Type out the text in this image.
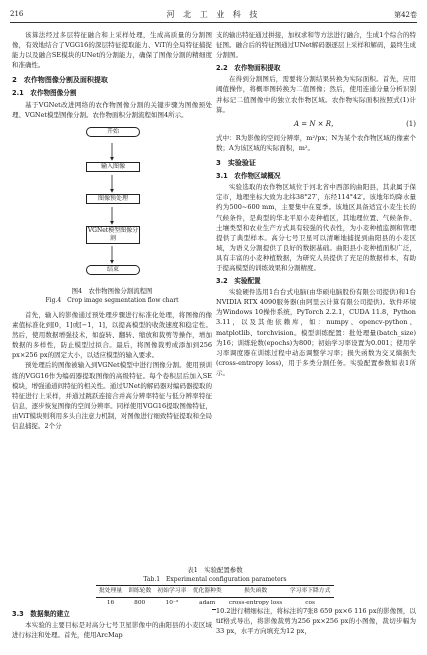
216	河 北 工 业 科 技	第42卷

该算法经过多层特征融合和上采样处理，生成高质量的分割图像，有效地结合了VGG16的深层特征提取能力、ViT的全局特征捕捉能力以及融合SE模块的UNet的分割能力，确保了图像分割的精细度和准确性。

2　农作物图像分割及面积提取
2.1　农作物图像分割

基于VGNet改进网络的农作物图像分割的关键步骤为图像预处理、VGNet模型图像分割。农作物面积分割流程如图4所示。

开始
输入图像
图像预处理
VGNet模型图像分割
结束
图4　农作物图像分割流程图
Fig.4　Crop image segmentation flow chart

首先，输入的影像通过预处理步骤进行标准化处理，将图像的像素值标准化到[0，1]或[−1，1]，以提高模型的收敛速度和稳定性。然后，使用数据增强技术，如旋转、翻转、缩放和裁剪等操作，增加数据的多样性，防止模型过拟合。最后，将图像裁剪成添加到256 px×256 px的固定大小，以适应模型的输入要求。

预处理后的图像被输入到VGNet模型中进行图像分割。使用预训练的VGG16作为编码器提取图像的高级特征。每个卷积层后加入SE模块，增强通道间特征的相关性。通过UNet的解码器对编码器提取的特征进行上采样，并通过跳跃连接合并高分辨率特征与低分辨率特征信息，逐步恢复图像的空间分辨率。同样使用VGG16提取图像特征，由ViT模块则利用多头自注意力机制，对图像进行细致特征提取和全局信息捕捉。2个分

支的输出特征通过拼接，加权求和等方法进行融合，生成1个综合的特征图。融合后的特征图通过UNet解码器逐层上采样和解码，最终生成分割图。

2.2　农作物面积提取

在得到分割图后，需要将分割结果转换为实际面积。首先，应用阈值操作，将概率图转换为二值图像；然后，使用连通分量分析识别并标记二值图像中的独立农作物区域。农作物实际面积按照式(1)计算。

A = N × R，	(1)

式中：R为影像的空间分辨率，m²/px；N为某个农作物区域的像素个数；A为该区域的实际面积，m²。

3　实验验证
3.1　农作物区域概况

实验选取的农作物区域位于河北省中西部的曲阳县，其隶属于保定市，地理坐标大致为北纬38°27′，东经114°42′。该地年均降水量约为500~600 mm，主要集中在夏季。该地区具备适宜小麦生长的气候条件，是典型的华北平原小麦种植区，其地理位置、气候条件、土壤类型和农业生产方式具有较强的代表性，为小麦种植监测和管理提供了典型样本。高分七号卫星可以清晰地捕捉到曲阳县的小麦区域，为语义分割提供了良好的数据基础。曲阳县小麦种植面积广泛，具有丰富的小麦种植数据，为研究人员提供了充足的数据样本，有助于提高模型的训练效果和分割精度。

3.2　实验配置

实验硬件选用1台台式电脑(由华硕电脑股份有限公司提供)和1台NVIDIA RTX 4090服务器(由阿里云计算有限公司提供)。软件环境为Windows 10操作系统，PyTorch 2.2.1，CUDA 11.8，Python 3.11，以及其他依赖库，如：numpy、opencv-python、matplotlib、torchvision。模型训练配置：批处理量(batch_size)为16；训练轮数(epochs)为800；初始学习率设置为0.001；使用学习率调度器在训练过程中动态调整学习率；损失函数为交叉熵损失(cross-entropy loss)，用于多类分割任务。实验配置参数如表1所示。

表1　实验配置参数
Tab.1　Experimental configuration parameters
批处理量	训练轮数	初始学习率	优化器种类	损失函数	学习率下降方式
16	800	10⁻³	adam	cross-entropy loss	cos
3.3　数据集的建立

本实验的主要目标是对高分七号卫星影像中的曲阳县的小麦区域进行标注和处理。首先，使用ArcMap

10.2进行精细标注，将标注的7张8 659 px×6 116 px的影像图，以tif格式导出，将影像裁剪为256 px×256 px的小图像，裁切步幅为33 px，水平方向填充为12 px，
